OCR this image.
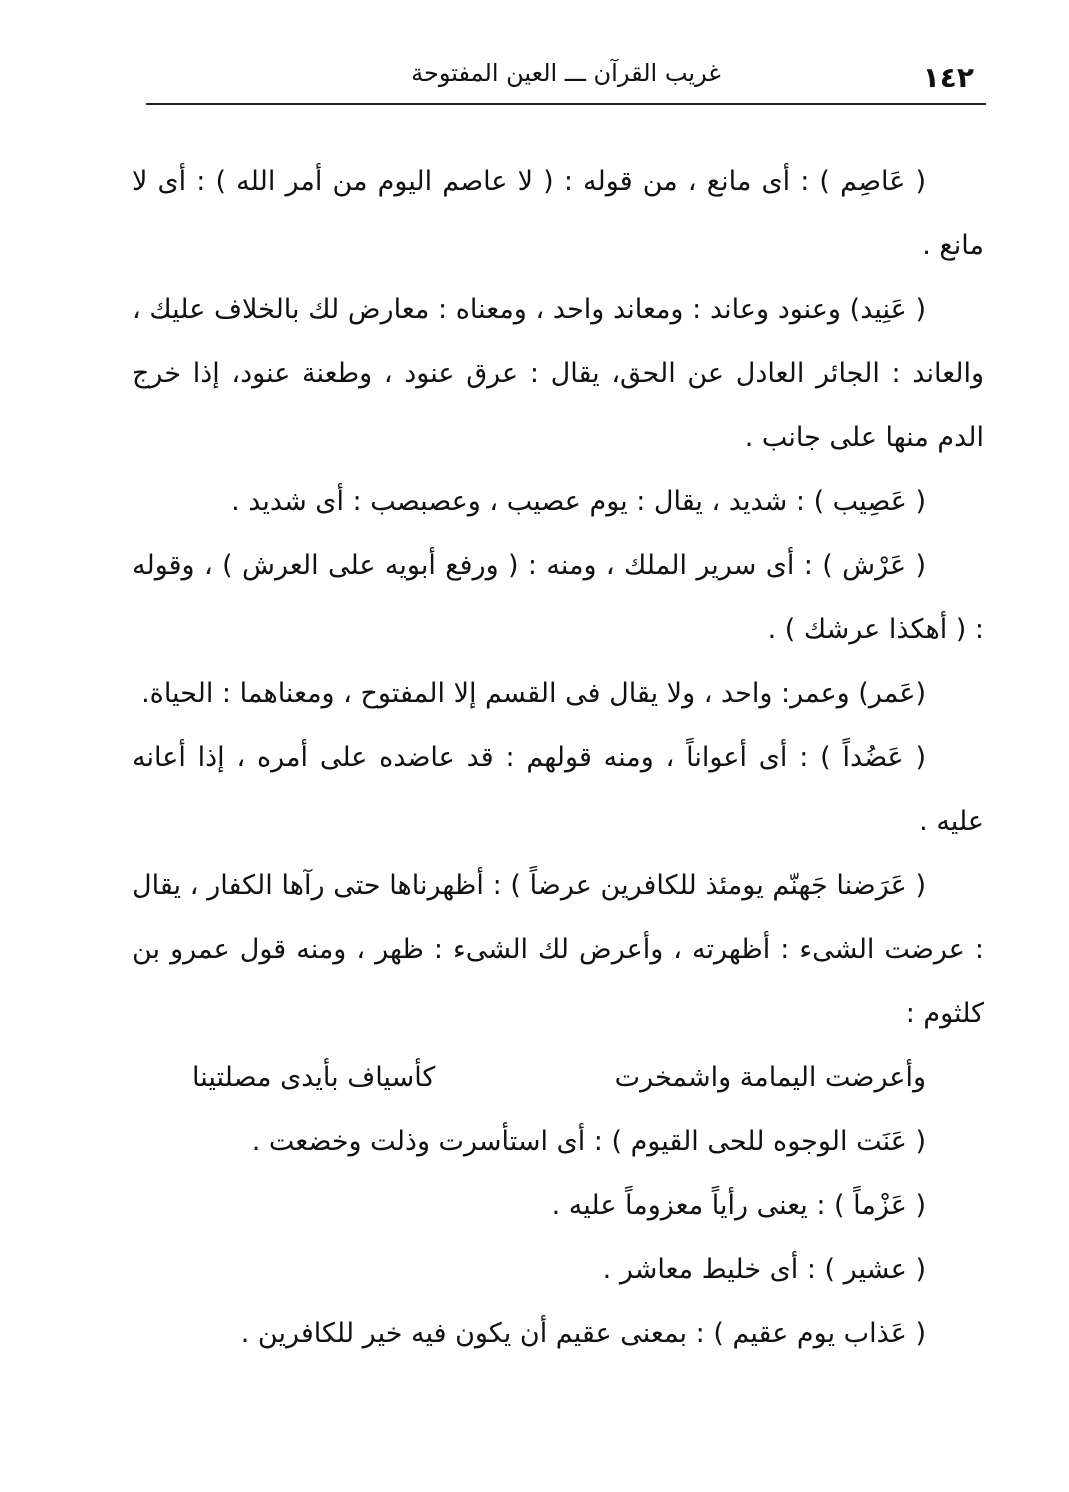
١٤٢
غريب القرآن ـــ العين المفتوحة

( عَاصِم ) : أى مانع ، من قوله : ( لا عاصم اليوم من أمر الله ) : أى لا مانع .

( عَنِيد) وعنود وعاند : ومعاند واحد ، ومعناه : معارض لك بالخلاف عليك ، والعاند : الجائر العادل عن الحق، يقال : عرق عنود ، وطعنة عنود، إذا خرج الدم منها على جانب .

( عَصِيب ) : شديد ، يقال : يوم عصيب ، وعصبصب : أى شديد .

( عَرْش ) : أى سرير الملك ، ومنه : ( ورفع أبويه على العرش ) ، وقوله : ( أهكذا عرشك ) .

(عَمر) وعمر: واحد ، ولا يقال فى القسم إلا المفتوح ، ومعناهما : الحياة.

( عَضُداً ) : أى أعواناً ، ومنه قولهم : قد عاضده على أمره ، إذا أعانه عليه .

( عَرَضنا جَهنّم يومئذ للكافرين عرضاً ) : أظهرناها حتى رآها الكفار ، يقال : عرضت الشىء : أظهرته ، وأعرض لك الشىء : ظهر ، ومنه قول عمرو بن كلثوم :

وأعرضت اليمامة واشمخرت
كأسياف بأيدى مصلتينا

( عَنَت الوجوه للحى القيوم ) : أى استأسرت وذلت وخضعت .

( عَزْماً ) : يعنى رأياً معزوماً عليه .

( عشير ) : أى خليط معاشر .

( عَذاب يوم عقيم ) : بمعنى عقيم أن يكون فيه خير للكافرين .
